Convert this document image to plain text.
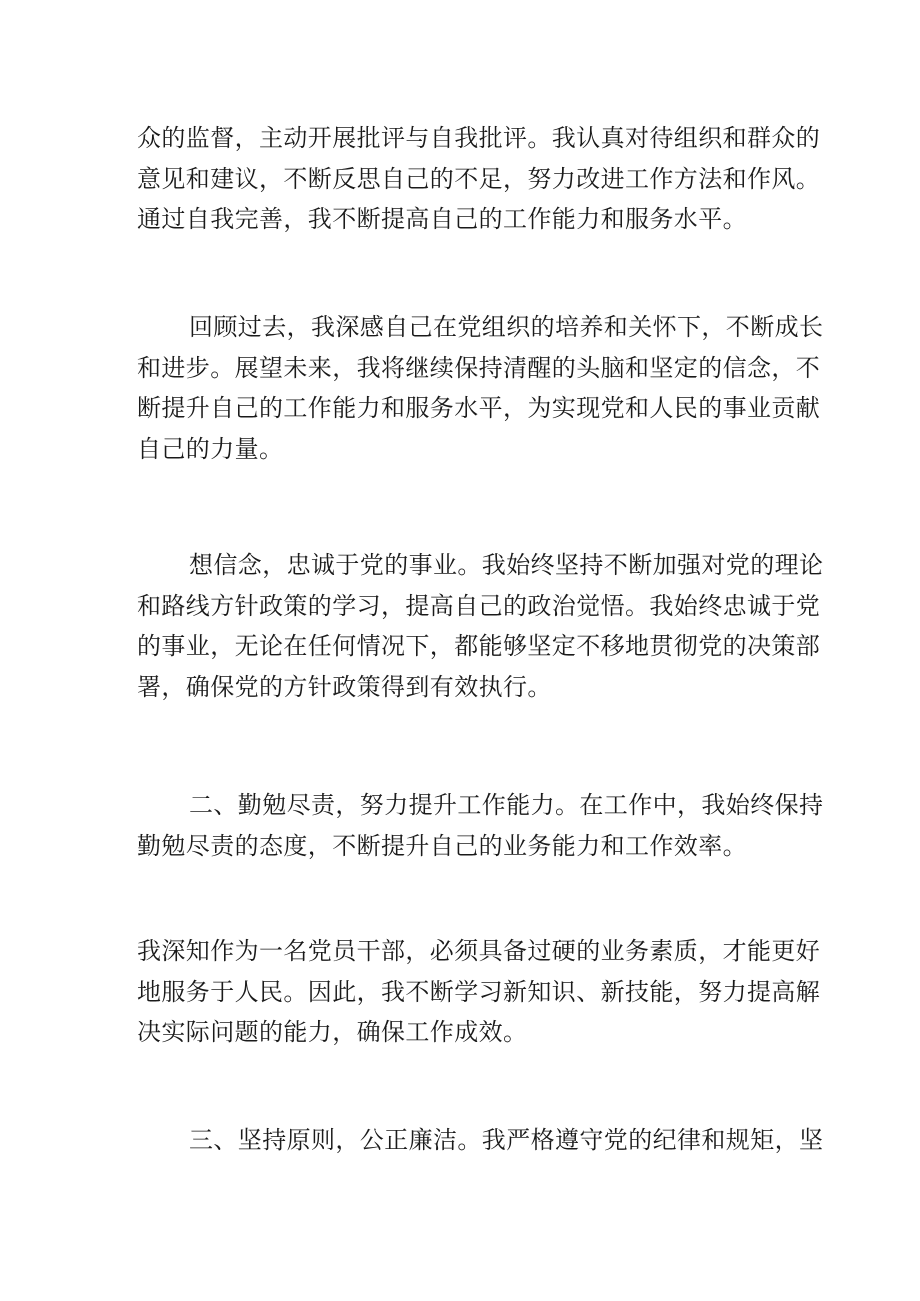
众的监督，主动开展批评与自我批评。我认真对待组织和群众的
意见和建议，不断反思自己的不足，努力改进工作方法和作风。
通过自我完善，我不断提高自己的工作能力和服务水平。

回顾过去，我深感自己在党组织的培养和关怀下，不断成长
和进步。展望未来，我将继续保持清醒的头脑和坚定的信念，不
断提升自己的工作能力和服务水平，为实现党和人民的事业贡献
自己的力量。

想信念，忠诚于党的事业。我始终坚持不断加强对党的理论
和路线方针政策的学习，提高自己的政治觉悟。我始终忠诚于党
的事业，无论在任何情况下，都能够坚定不移地贯彻党的决策部
署，确保党的方针政策得到有效执行。

二、勤勉尽责，努力提升工作能力。在工作中，我始终保持
勤勉尽责的态度，不断提升自己的业务能力和工作效率。

我深知作为一名党员干部，必须具备过硬的业务素质，才能更好
地服务于人民。因此，我不断学习新知识、新技能，努力提高解
决实际问题的能力，确保工作成效。

三、坚持原则，公正廉洁。我严格遵守党的纪律和规矩，坚
